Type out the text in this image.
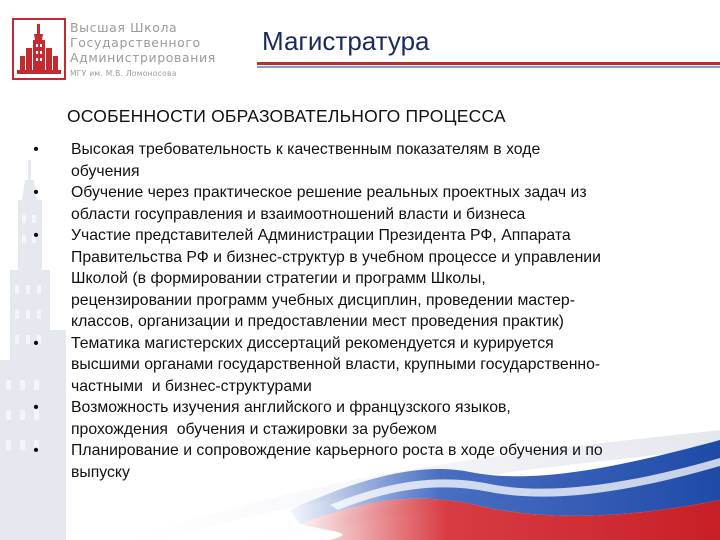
Высшая Школа
Государственного
Администрирования
МГУ им. М.В. Ломоносова
Магистратура
ОСОБЕННОСТИ ОБРАЗОВАТЕЛЬНОГО ПРОЦЕССА
• Высокая требовательность к качественным показателям в ходе
обучения
• Обучение через практическое решение реальных проектных задач из
области госуправления и взаимоотношений власти и бизнеса
• Участие представителей Администрации Президента РФ, Аппарата
Правительства РФ и бизнес-структур в учебном процессе и управлении
Школой (в формировании стратегии и программ Школы,
рецензировании программ учебных дисциплин, проведении мастер-
классов, организации и предоставлении мест проведения практик)
• Тематика магистерских диссертаций рекомендуется и курируется
высшими органами государственной власти, крупными государственно-
частными  и бизнес-структурами
• Возможность изучения английского и французского языков,
прохождения  обучения и стажировки за рубежом
• Планирование и сопровождение карьерного роста в ходе обучения и по
выпуску
